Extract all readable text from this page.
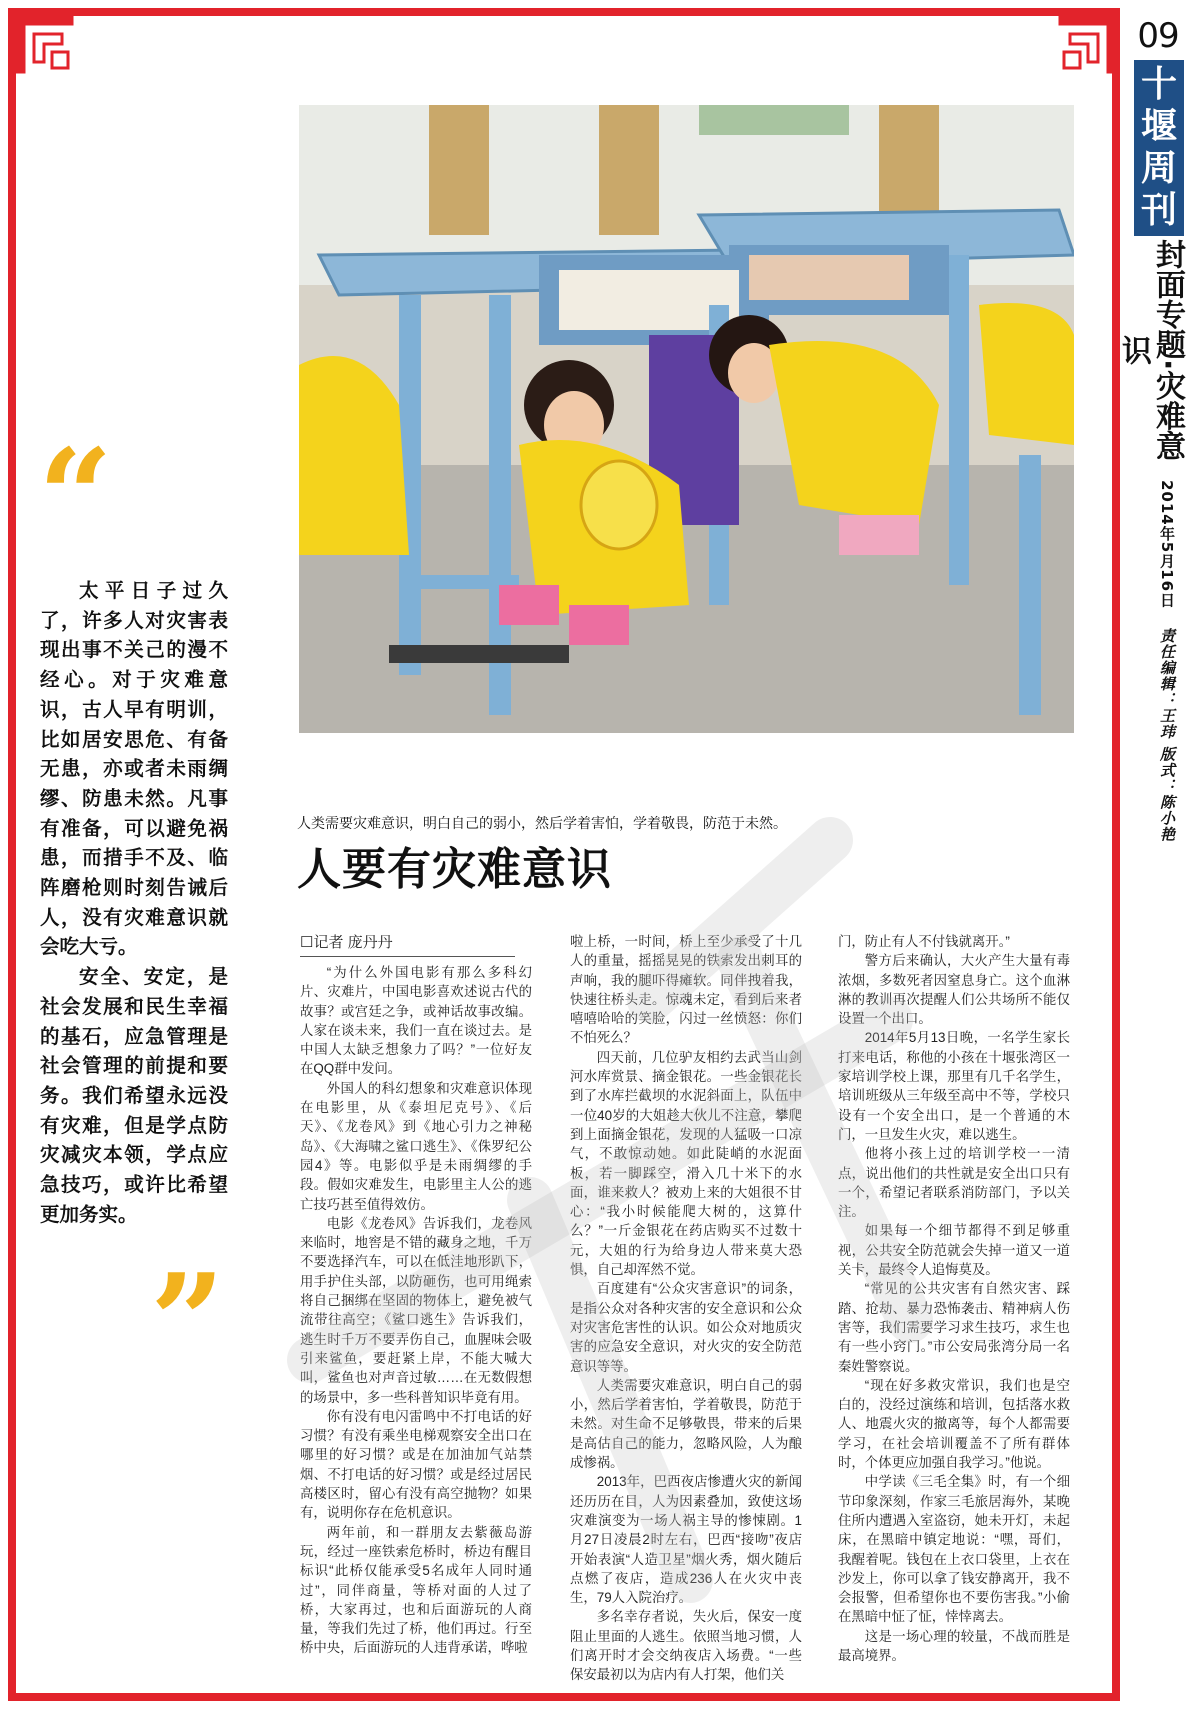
09
十堰周刊
封面专题·灾难意识
2014年5月16日 责任编辑：王玮 版式：陈小艳
人类需要灾难意识，明白自己的弱小，然后学着害怕，学着敬畏，防范于未然。
人要有灾难意识
☐记者 庞丹丹
“

太平日子过久了，许多人对灾害表现出事不关己的漫不经心。对于灾难意识，古人早有明训，比如居安思危、有备无患，亦或者未雨绸缪、防患未然。凡事有准备，可以避免祸患，而措手不及、临阵磨枪则时刻告诫后人，没有灾难意识就会吃大亏。

安全、安定，是社会发展和民生幸福的基石，应急管理是社会管理的前提和要务。我们希望永远没有灾难，但是学点防灾减灾本领，学点应急技巧，或许比希望更加务实。

”

“为什么外国电影有那么多科幻片、灾难片，中国电影喜欢述说古代的故事？或宫廷之争，或神话故事改编。人家在谈未来，我们一直在谈过去。是中国人太缺乏想象力了吗？”一位好友在QQ群中发问。

外国人的科幻想象和灾难意识体现在电影里，从《泰坦尼克号》、《后天》、《龙卷风》到《地心引力之神秘岛》、《大海啸之鲨口逃生》、《侏罗纪公园4》等。电影似乎是未雨绸缪的手段。假如灾难发生，电影里主人公的逃亡技巧甚至值得效仿。

电影《龙卷风》告诉我们，龙卷风来临时，地窖是不错的藏身之地，千万不要选择汽车，可以在低洼地形趴下，用手护住头部，以防砸伤，也可用绳索将自己捆绑在坚固的物体上，避免被气流带往高空；《鲨口逃生》告诉我们，逃生时千万不要弄伤自己，血腥味会吸引来鲨鱼，要赶紧上岸，不能大喊大叫，鲨鱼也对声音过敏……在无数假想的场景中，多一些科普知识毕竟有用。

你有没有电闪雷鸣中不打电话的好习惯？有没有乘坐电梯观察安全出口在哪里的好习惯？或是在加油加气站禁烟、不打电话的好习惯？或是经过居民高楼区时，留心有没有高空抛物？如果有，说明你存在危机意识。

两年前，和一群朋友去紫薇岛游玩，经过一座铁索危桥时，桥边有醒目标识“此桥仅能承受5名成年人同时通过”，同伴商量，等桥对面的人过了桥，大家再过，也和后面游玩的人商量，等我们先过了桥，他们再过。行至桥中央，后面游玩的人违背承诺，哗啦

啦上桥，一时间，桥上至少承受了十几人的重量，摇摇晃晃的铁索发出刺耳的声响，我的腿吓得瘫软。同伴拽着我，快速往桥头走。惊魂未定，看到后来者嘻嘻哈哈的笑脸，闪过一丝愤怒：你们不怕死么？

四天前，几位驴友相约去武当山剑河水库赏景、摘金银花。一些金银花长到了水库拦截坝的水泥斜面上，队伍中一位40岁的大姐趁大伙儿不注意，攀爬到上面摘金银花，发现的人猛吸一口凉气，不敢惊动她。如此陡峭的水泥面板，若一脚踩空，滑入几十米下的水面，谁来救人？被劝上来的大姐很不甘心：“我小时候能爬大树的，这算什么？”一斤金银花在药店购买不过数十元，大姐的行为给身边人带来莫大恐惧，自己却浑然不觉。

百度建有“公众灾害意识”的词条，是指公众对各种灾害的安全意识和公众对灾害危害性的认识。如公众对地质灾害的应急安全意识，对火灾的安全防范意识等等。

人类需要灾难意识，明白自己的弱小，然后学着害怕，学着敬畏，防范于未然。对生命不足够敬畏，带来的后果是高估自己的能力，忽略风险，人为酿成惨祸。

2013年，巴西夜店惨遭火灾的新闻还历历在目，人为因素叠加，致使这场灾难演变为一场人祸主导的惨悚剧。1月27日凌晨2时左右，巴西“接吻”夜店开始表演“人造卫星”烟火秀，烟火随后点燃了夜店，造成236人在火灾中丧生，79人入院治疗。

多名幸存者说，失火后，保安一度阻止里面的人逃生。依照当地习惯，人们离开时才会交纳夜店入场费。“一些保安最初以为店内有人打架，他们关

门，防止有人不付钱就离开。”

警方后来确认，大火产生大量有毒浓烟，多数死者因窒息身亡。这个血淋淋的教训再次提醒人们公共场所不能仅设置一个出口。

2014年5月13日晚，一名学生家长打来电话，称他的小孩在十堰张湾区一家培训学校上课，那里有几千名学生，培训班级从三年级至高中不等，学校只设有一个安全出口，是一个普通的木门，一旦发生火灾，难以逃生。

他将小孩上过的培训学校一一清点，说出他们的共性就是安全出口只有一个，希望记者联系消防部门，予以关注。

如果每一个细节都得不到足够重视，公共安全防范就会失掉一道又一道关卡，最终令人追悔莫及。

“常见的公共灾害有自然灾害、踩踏、抢劫、暴力恐怖袭击、精神病人伤害等，我们需要学习求生技巧，求生也有一些小窍门。”市公安局张湾分局一名秦姓警察说。

“现在好多救灾常识，我们也是空白的，没经过演练和培训，包括落水救人、地震火灾的撤离等，每个人都需要学习，在社会培训覆盖不了所有群体时，个体更应加强自我学习。”他说。

中学读《三毛全集》时，有一个细节印象深刻，作家三毛旅居海外，某晚住所内遭遇入室盗窃，她未开灯，未起床，在黑暗中镇定地说：“嘿，哥们，我醒着呢。钱包在上衣口袋里，上衣在沙发上，你可以拿了钱安静离开，我不会报警，但希望你也不要伤害我。”小偷在黑暗中怔了怔，悻悻离去。

这是一场心理的较量，不战而胜是最高境界。
